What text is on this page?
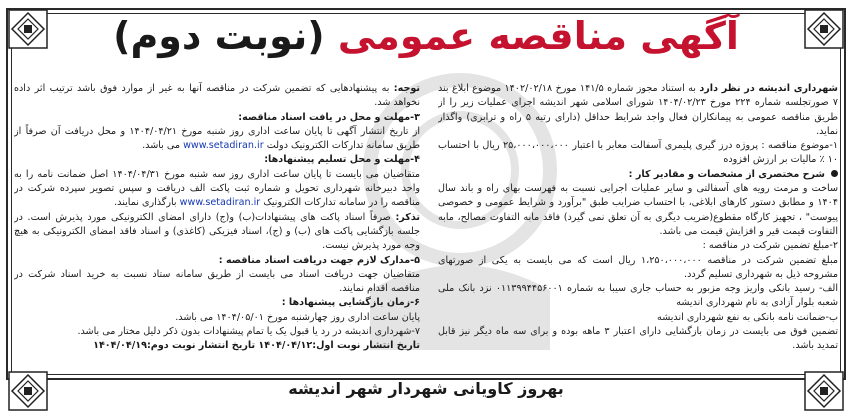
آگهی مناقصه عمومی (نوبت دوم)

شهرداری اندیشه در نظر دارد به استناد مجوز شماره ۱۴۱/۵ مورخ ۱۴۰۲/۰۲/۱۸ موضوع ابلاغ بند ۷ صورتجلسه شماره ۲۲۴ مورخ ۱۴۰۴/۰۲/۲۳ شورای اسلامی شهر اندیشه اجرای عملیات زیر را از طریق مناقصه عمومی به پیمانکاران فعال واجد شرایط حداقل (دارای رتبه ۵ راه و ترابری) واگذار نماید.

۱-موضوع مناقصه : پروژه درز گیری پلیمری آسفالت معابر با اعتبار ۲۵،۰۰۰،۰۰۰،۰۰۰ ریال با احتساب ۱۰ ٪ مالیات بر ارزش افزوده

شرح مختصری از مشخصات و مقادیر کار :

ساخت و مرمت رویه های آسفالتی و سایر عملیات اجرایی نسبت به فهرست بهای راه و باند سال ۱۴۰۴ و مطابق دستور کارهای ابلاغی، با احتساب ضرایب طبق "برآورد و شرایط عمومی و خصوصی پیوست" ، تجهیز کارگاه مقطوع(ضریب دیگری به آن تعلق نمی گیرد) فاقد مابه التفاوت مصالح، مابه التفاوت قیمت قیر و افزایش قیمت می باشد.

۲-مبلغ تضمین شرکت در مناقصه :

مبلغ تضمین شرکت در مناقصه ۱،۲۵۰،۰۰۰،۰۰۰ ریال است که می بایست به یکی از صورتهای مشروحه ذیل به شهرداری تسلیم گردد.

الف- رسید بانکی واریز وجه مزبور به حساب جاری سیبا به شماره ۰۱۱۳۹۹۴۴۵۶۰۰۱ نزد بانک ملی شعبه بلوار آزادی به نام شهرداری اندیشه

ب-ضمانت نامه بانکی به نفع شهرداری اندیشه

تضمین فوق می بایست در زمان بازگشایی دارای اعتبار ۳ ماهه بوده و برای سه ماه دیگر نیز قابل تمدید باشد.

توجه: به پیشنهادهایی که تضمین شرکت در مناقصه آنها به غیر از موارد فوق باشد ترتیب اثر داده نخواهد شد.

۳-مهلت و محل در یافت اسناد مناقصه:

از تاریخ انتشار آگهی تا پایان ساعت اداری روز شنبه مورخ ۱۴۰۴/۰۴/۲۱ و محل دریافت آن صرفاً از طریق سامانه تدارکات الکترونیک دولت www.setadiran.ir می باشد.

۴-مهلت و محل تسلیم پیشنهادها:

متقاضیان می بایست تا پایان ساعت اداری روز سه شنبه مورخ ۱۴۰۴/۰۴/۳۱ اصل ضمانت نامه را به واحد دبیرخانه شهرداری تحویل و شماره ثبت پاکت الف دریافت و سپس تصویر سپرده شرکت در مناقصه را در سامانه تدارکات الکترونیک www.setadiran.ir بارگذاری نمایند.

تذکر: صرفاً اسناد پاکت های پیشنهادات(ب) و(ج) دارای امضای الکترونیکی مورد پذیرش است. در جلسه بازگشایی پاکت های (ب) و (ج)، اسناد فیزیکی (کاغذی) و اسناد فاقد امضای الکترونیکی به هیچ وجه مورد پذیرش نیست.

۵-مدارک لازم جهت دریافت اسناد مناقصه :

متقاضیان جهت دریافت اسناد می بایست از طریق سامانه ستاد نسبت به خرید اسناد شرکت در مناقصه اقدام نمایند.

۶-زمان بازگشایی پیشنهادها :

پایان ساعت اداری روز چهارشنبه مورخ ۱۴۰۴/۰۵/۰۱ می باشد.

۷-شهرداری اندیشه در رد یا قبول یک یا تمام پیشنهادات بدون ذکر دلیل مختار می باشد.

تاریخ انتشار نوبت اول:۱۴۰۴/۰۴/۱۲ تاریخ انتشار نوبت دوم:۱۴۰۴/۰۴/۱۹

بهروز کاویانی شهردار شهر اندیشه
